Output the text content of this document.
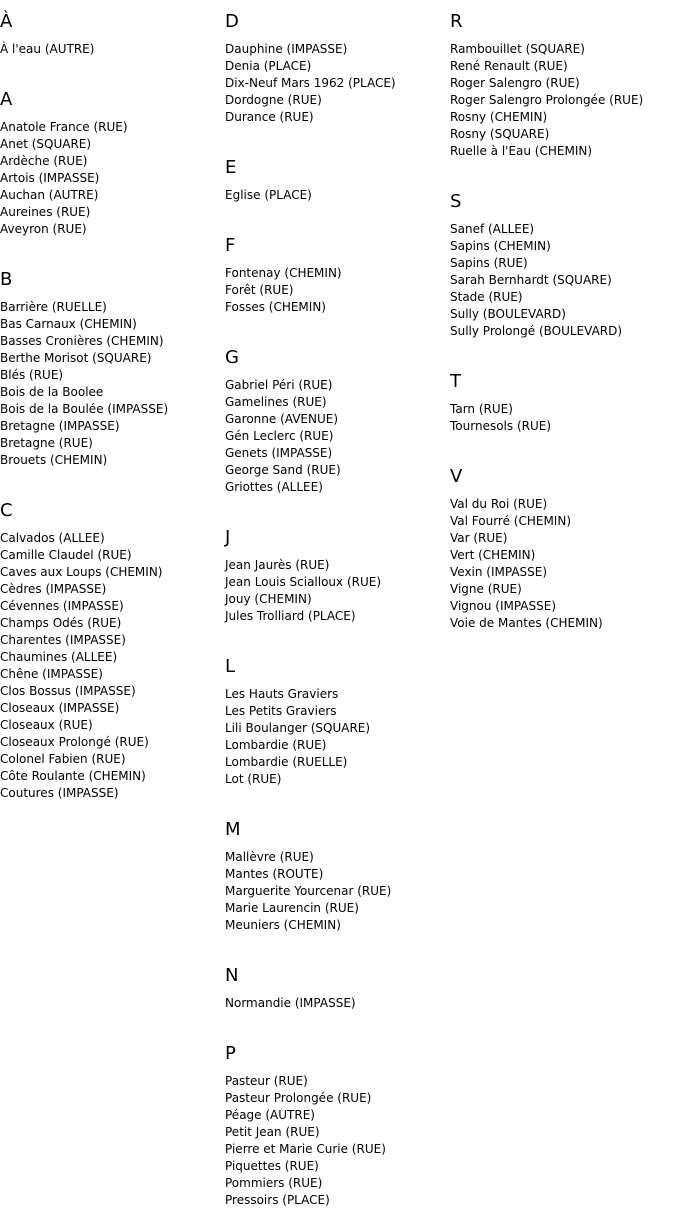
À
À l'eau (AUTRE)
A
Anatole France (RUE)
Anet (SQUARE)
Ardèche (RUE)
Artois (IMPASSE)
Auchan (AUTRE)
Aureines (RUE)
Aveyron (RUE)
B
Barrière (RUELLE)
Bas Carnaux (CHEMIN)
Basses Cronières (CHEMIN)
Berthe Morisot (SQUARE)
Blés (RUE)
Bois de la Boolee
Bois de la Boulée (IMPASSE)
Bretagne (IMPASSE)
Bretagne (RUE)
Brouets (CHEMIN)
C
Calvados (ALLEE)
Camille Claudel (RUE)
Caves aux Loups (CHEMIN)
Cèdres (IMPASSE)
Cévennes (IMPASSE)
Champs Odés (RUE)
Charentes (IMPASSE)
Chaumines (ALLEE)
Chêne (IMPASSE)
Clos Bossus (IMPASSE)
Closeaux (IMPASSE)
Closeaux (RUE)
Closeaux Prolongé (RUE)
Colonel Fabien (RUE)
Côte Roulante (CHEMIN)
Coutures (IMPASSE)
D
Dauphine (IMPASSE)
Denia (PLACE)
Dix-Neuf Mars 1962 (PLACE)
Dordogne (RUE)
Durance (RUE)
E
Eglise (PLACE)
F
Fontenay (CHEMIN)
Forêt (RUE)
Fosses (CHEMIN)
G
Gabriel Péri (RUE)
Gamelines (RUE)
Garonne (AVENUE)
Gén Leclerc (RUE)
Genets (IMPASSE)
George Sand (RUE)
Griottes (ALLEE)
J
Jean Jaurès (RUE)
Jean Louis Scialloux (RUE)
Jouy (CHEMIN)
Jules Trolliard (PLACE)
L
Les Hauts Graviers
Les Petits Graviers
Lili Boulanger (SQUARE)
Lombardie (RUE)
Lombardie (RUELLE)
Lot (RUE)
M
Mallèvre (RUE)
Mantes (ROUTE)
Marguerite Yourcenar (RUE)
Marie Laurencin (RUE)
Meuniers (CHEMIN)
N
Normandie (IMPASSE)
P
Pasteur (RUE)
Pasteur Prolongée (RUE)
Péage (AUTRE)
Petit Jean (RUE)
Pierre et Marie Curie (RUE)
Piquettes (RUE)
Pommiers (RUE)
Pressoirs (PLACE)
R
Rambouillet (SQUARE)
René Renault (RUE)
Roger Salengro (RUE)
Roger Salengro Prolongée (RUE)
Rosny (CHEMIN)
Rosny (SQUARE)
Ruelle à l'Eau (CHEMIN)
S
Sanef (ALLEE)
Sapins (CHEMIN)
Sapins (RUE)
Sarah Bernhardt (SQUARE)
Stade (RUE)
Sully (BOULEVARD)
Sully Prolongé (BOULEVARD)
T
Tarn (RUE)
Tournesols (RUE)
V
Val du Roi (RUE)
Val Fourré (CHEMIN)
Var (RUE)
Vert (CHEMIN)
Vexin (IMPASSE)
Vigne (RUE)
Vignou (IMPASSE)
Voie de Mantes (CHEMIN)
